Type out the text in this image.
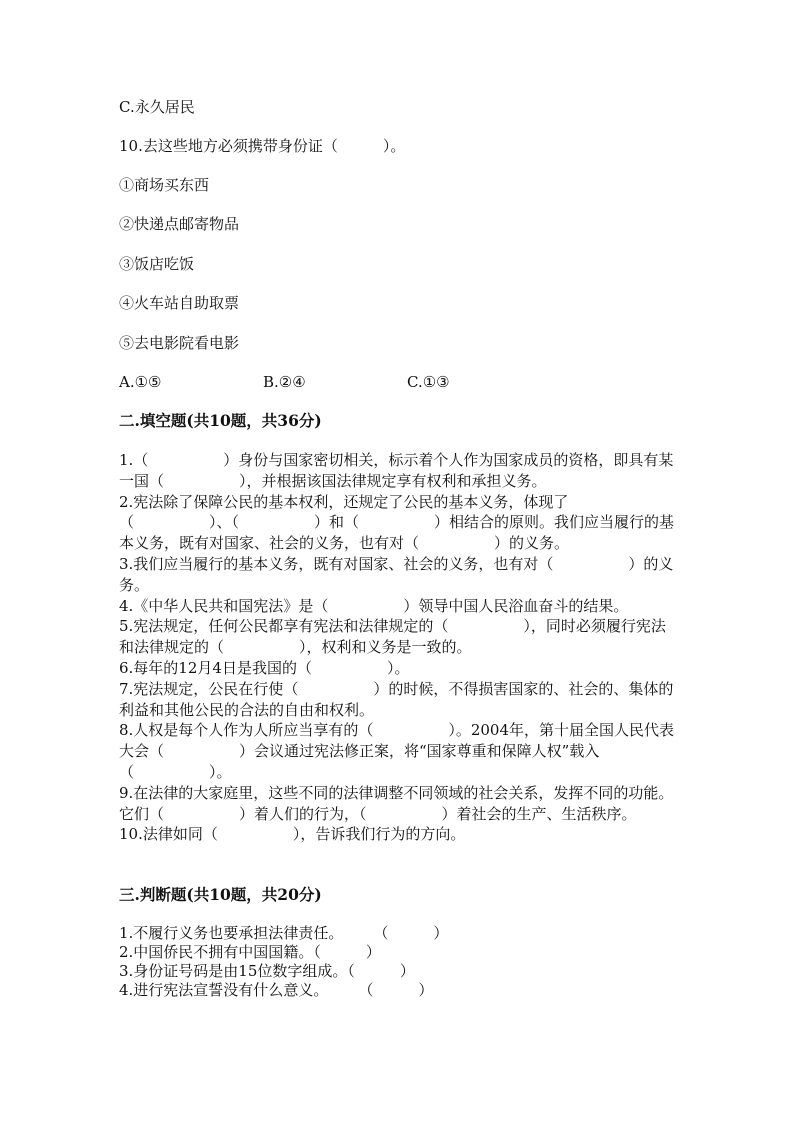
C.永久居民
10.去这些地方必须携带身份证（　　　）。
①商场买东西
②快递点邮寄物品
③饭店吃饭
④火车站自助取票
⑤去电影院看电影
A.①⑤	B.②④	C.①③
二.填空题(共10题，共36分)

1.（　　　　　）身份与国家密切相关，标示着个人作为国家成员的资格，即具有某一国（　　　　　），并根据该国法律规定享有权利和承担义务。

2.宪法除了保障公民的基本权利，还规定了公民的基本义务，体现了（　　　　　）、（　　　　　）和（　　　　　）相结合的原则。我们应当履行的基本义务，既有对国家、社会的义务，也有对（　　　　　）的义务。

3.我们应当履行的基本义务，既有对国家、社会的义务，也有对（　　　　　）的义务。

4.《中华人民共和国宪法》是（　　　　　）领导中国人民浴血奋斗的结果。

5.宪法规定，任何公民都享有宪法和法律规定的（　　　　　），同时必须履行宪法和法律规定的（　　　　　），权利和义务是一致的。

6.每年的12月4日是我国的（　　　　　）。

7.宪法规定，公民在行使（　　　　　）的时候，不得损害国家的、社会的、集体的利益和其他公民的合法的自由和权利。

8.人权是每个人作为人所应当享有的（　　　　　）。2004年，第十届全国人民代表大会（　　　　　）会议通过宪法修正案，将“国家尊重和保障人权”载入（　　　　　）。

9.在法律的大家庭里，这些不同的法律调整不同领域的社会关系，发挥不同的功能。它们（　　　　　）着人们的行为，（　　　　　）着社会的生产、生活秩序。

10.法律如同（　　　　　），告诉我们行为的方向。

三.判断题(共10题，共20分)

1.不履行义务也要承担法律责任。　　　（　　　）

2.中国侨民不拥有中国国籍。（　　　）

3.身份证号码是由15位数字组成。（　　　）

4.进行宪法宣誓没有什么意义。　　　（　　　）
